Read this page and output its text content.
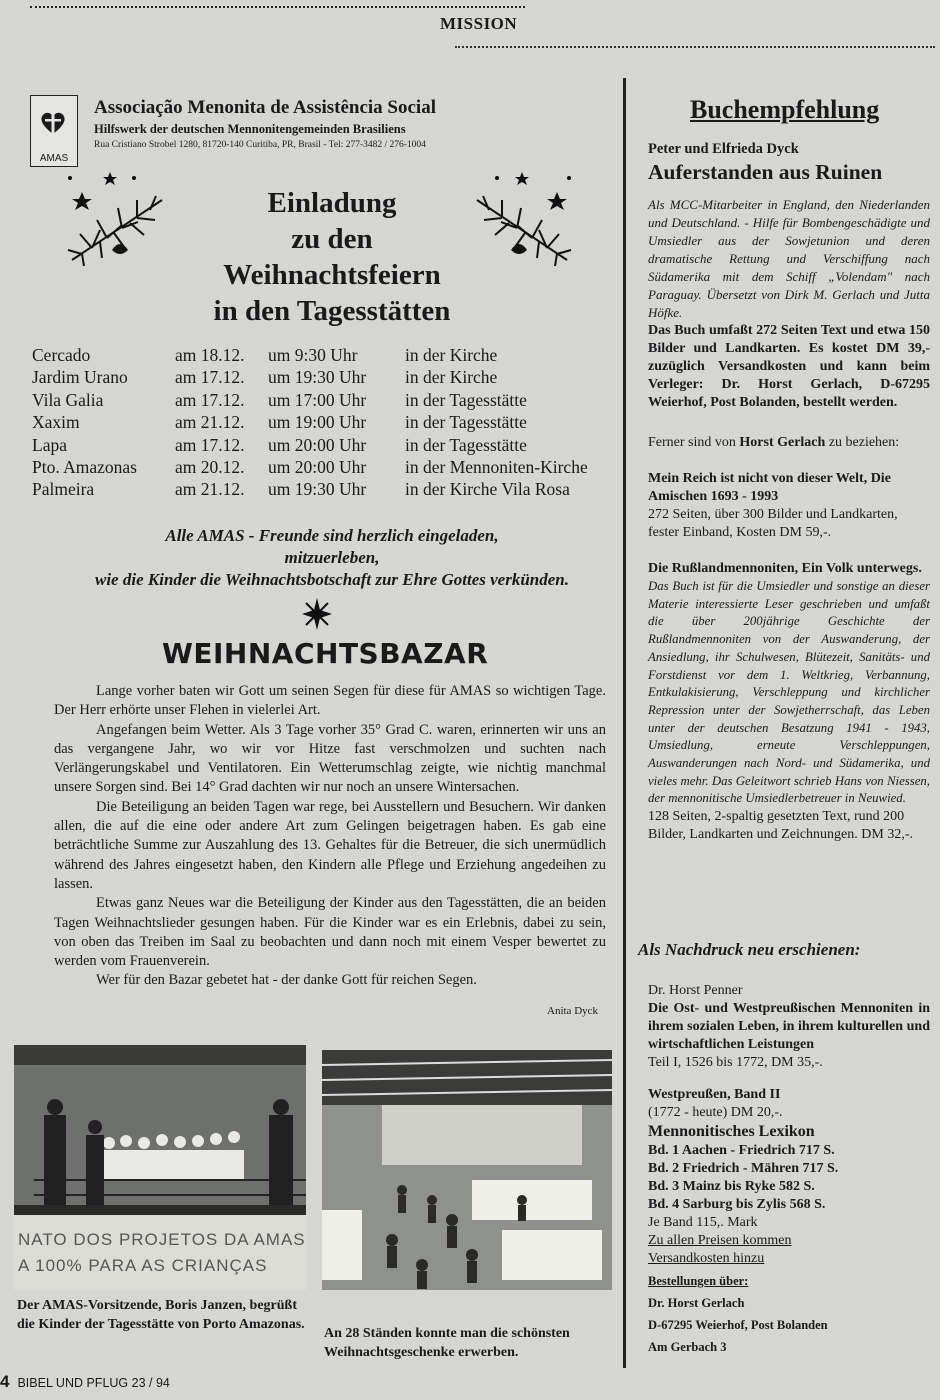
MISSION
AMAS
Associação Menonita de Assistência Social
Hilfswerk der deutschen Mennonitengemeinden Brasiliens
Rua Cristiano Strobel 1280, 81720-140 Curitiba, PR, Brasil - Tel: 277-3482 / 276-1004
Einladung
zu den
Weihnachtsfeiern
in den Tagesstätten
Cercado	am 18.12. um 9:30 Uhr	in der Kirche
Jardim Urano	am 17.12. um 19:30 Uhr in der Kirche
Vila Galia	am 17.12. um 17:00 Uhr in der Tagesstätte
Xaxim	am 21.12. um 19:00 Uhr in der Tagesstätte
Lapa	am 17.12. um 20:00 Uhr in der Tagesstätte
Pto. Amazonas am 20.12. um 20:00 Uhr in der Mennoniten-Kirche
Palmeira	am 21.12. um 19:30 Uhr in der Kirche Vila Rosa
Alle AMAS - Freunde sind herzlich eingeladen,
mitzuerleben,
wie die Kinder die Weihnachtsbotschaft zur Ehre Gottes verkünden.
WEIHNACHTSBAZAR

Lange vorher baten wir Gott um seinen Segen für diese für AMAS so wichtigen Tage. Der Herr erhörte unser Flehen in vielerlei Art.

Angefangen beim Wetter. Als 3 Tage vorher 35° Grad C. waren, erinnerten wir uns an das vergangene Jahr, wo wir vor Hitze fast verschmolzen und suchten nach Verlängerungskabel und Ventilatoren. Ein Wetterumschlag zeigte, wie nichtig manchmal unsere Sorgen sind. Bei 14° Grad dachten wir nur noch an unsere Wintersachen.

Die Beteiligung an beiden Tagen war rege, bei Ausstellern und Besuchern. Wir danken allen, die auf die eine oder andere Art zum Gelingen beigetragen haben. Es gab eine beträchtliche Summe zur Auszahlung des 13. Gehaltes für die Betreuer, die sich unermüdlich während des Jahres eingesetzt haben, den Kindern alle Pflege und Erziehung angedeihen zu lassen.

Etwas ganz Neues war die Beteiligung der Kinder aus den Tagesstätten, die an beiden Tagen Weihnachtslieder gesungen haben. Für die Kinder war es ein Erlebnis, dabei zu sein, von oben das Treiben im Saal zu beobachten und dann noch mit einem Vesper bewertet zu werden vom Frauenverein.

Wer für den Bazar gebetet hat - der danke Gott für reichen Segen.

Anita Dyck
NATO DOS PROJETOS DA AMAS
A 100% PARA AS CRIANÇAS
Der AMAS-Vorsitzende, Boris Janzen, begrüßt die Kinder der Tagesstätte von Porto Amazonas.
An 28 Ständen konnte man die schönsten Weihnachtsgeschenke erwerben.
4 BIBEL UND PFLUG 23 / 94
Buchempfehlung

Peter und Elfrieda Dyck

Auferstanden aus Ruinen

Als MCC-Mitarbeiter in England, den Niederlanden und Deutschland. - Hilfe für Bombengeschädigte und Umsiedler aus der Sowjetunion und deren dramatische Rettung und Verschiffung nach Südamerika mit dem Schiff „Volendam" nach Paraguay. Übersetzt von Dirk M. Gerlach und Jutta Höfke.

Das Buch umfaßt 272 Seiten Text und etwa 150 Bilder und Landkarten. Es kostet DM 39,- zuzüglich Versandkosten und kann beim Verleger: Dr. Horst Gerlach, D-67295 Weierhof, Post Bolanden, bestellt werden.

Ferner sind von Horst Gerlach zu beziehen:

Mein Reich ist nicht von dieser Welt, Die Amischen 1693 - 1993

272 Seiten, über 300 Bilder und Landkarten, fester Einband, Kosten DM 59,-.

Die Rußlandmennoniten, Ein Volk unterwegs.

Das Buch ist für die Umsiedler und sonstige an dieser Materie interessierte Leser geschrieben und umfaßt die über 200jährige Geschichte der Rußlandmennoniten von der Auswanderung, der Ansiedlung, ihr Schulwesen, Blütezeit, Sanitäts- und Forstdienst vor dem 1. Weltkrieg, Verbannung, Entkulakisierung, Verschleppung und kirchlicher Repression unter der Sowjetherrschaft, das Leben unter der deutschen Besatzung 1941 - 1943, Umsiedlung, erneute Verschleppungen, Auswanderungen nach Nord- und Südamerika, und vieles mehr. Das Geleitwort schrieb Hans von Niessen, der mennonitische Umsiedlerbetreuer in Neuwied.

128 Seiten, 2-spaltig gesetzten Text, rund 200 Bilder, Landkarten und Zeichnungen. DM 32,-.

Als Nachdruck neu erschienen:

Dr. Horst Penner

Die Ost- und Westpreußischen Mennoniten in ihrem sozialen Leben, in ihrem kulturellen und wirtschaftlichen Leistungen

Teil I, 1526 bis 1772, DM 35,-.

Westpreußen, Band II

(1772 - heute) DM 20,-.

Mennonitisches Lexikon

Bd. 1 Aachen - Friedrich 717 S.

Bd. 2 Friedrich - Mähren 717 S.

Bd. 3 Mainz bis Ryke 582 S.

Bd. 4 Sarburg bis Zylis 568 S.

Je Band 115,. Mark

Zu allen Preisen kommen

Versandkosten hinzu

Bestellungen über:

Dr. Horst Gerlach

D-67295 Weierhof, Post Bolanden

Am Gerbach 3
